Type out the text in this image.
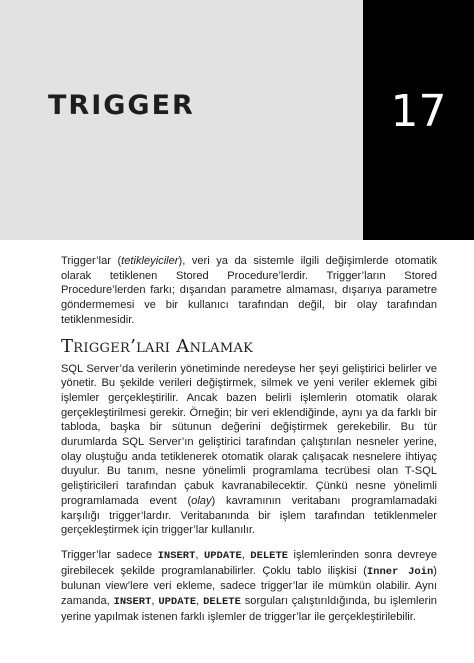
TRIGGER	17

Trigger’lar (tetikleyiciler), veri ya da sistemle ilgili değişimlerde otomatik olarak tetiklenen Stored Procedure’lerdir. Trigger’ların Stored Procedure’lerden farkı; dışarıdan parametre almaması, dışarıya parametre göndermemesi ve bir kullanıcı tarafından değil, bir olay tarafından tetiklenmesidir.

Trigger’ları Anlamak

SQL Server’da verilerin yönetiminde neredeyse her şeyi geliştirici belirler ve yönetir. Bu şekilde verileri değiştirmek, silmek ve yeni veriler eklemek gibi işlemler gerçekleştirilir. Ancak bazen belirli işlemlerin otomatik olarak gerçekleştirilmesi gerekir. Örneğin; bir veri eklendiğinde, aynı ya da farklı bir tabloda, başka bir sütunun değerini değiştirmek gerekebilir. Bu tür durumlarda SQL Server’ın geliştirici tarafından çalıştırılan nesneler yerine, olay oluştuğu anda tetiklenerek otomatik olarak çalışacak nesnelere ihtiyaç duyulur. Bu tanım, nesne yönelimli programlama tecrübesi olan T-SQL geliştiricileri tarafından çabuk kavranabilecektir. Çünkü nesne yönelimli programlamada event (olay) kavramının veritabanı programlamadaki karşılığı trigger’lardır. Veritabanında bir işlem tarafından tetiklenmeler gerçekleştirmek için trigger’lar kullanılır.

Trigger’lar sadece INSERT, UPDATE, DELETE işlemlerinden sonra devreye girebilecek şekilde programlanabilirler. Çoklu tablo ilişkisi (Inner Join) bulunan view’lere veri ekleme, sadece trigger’lar ile mümkün olabilir. Aynı zamanda, INSERT, UPDATE, DELETE sorguları çalıştırıldığında, bu işlemlerin yerine yapılmak istenen farklı işlemler de trigger’lar ile gerçekleştirilebilir.
